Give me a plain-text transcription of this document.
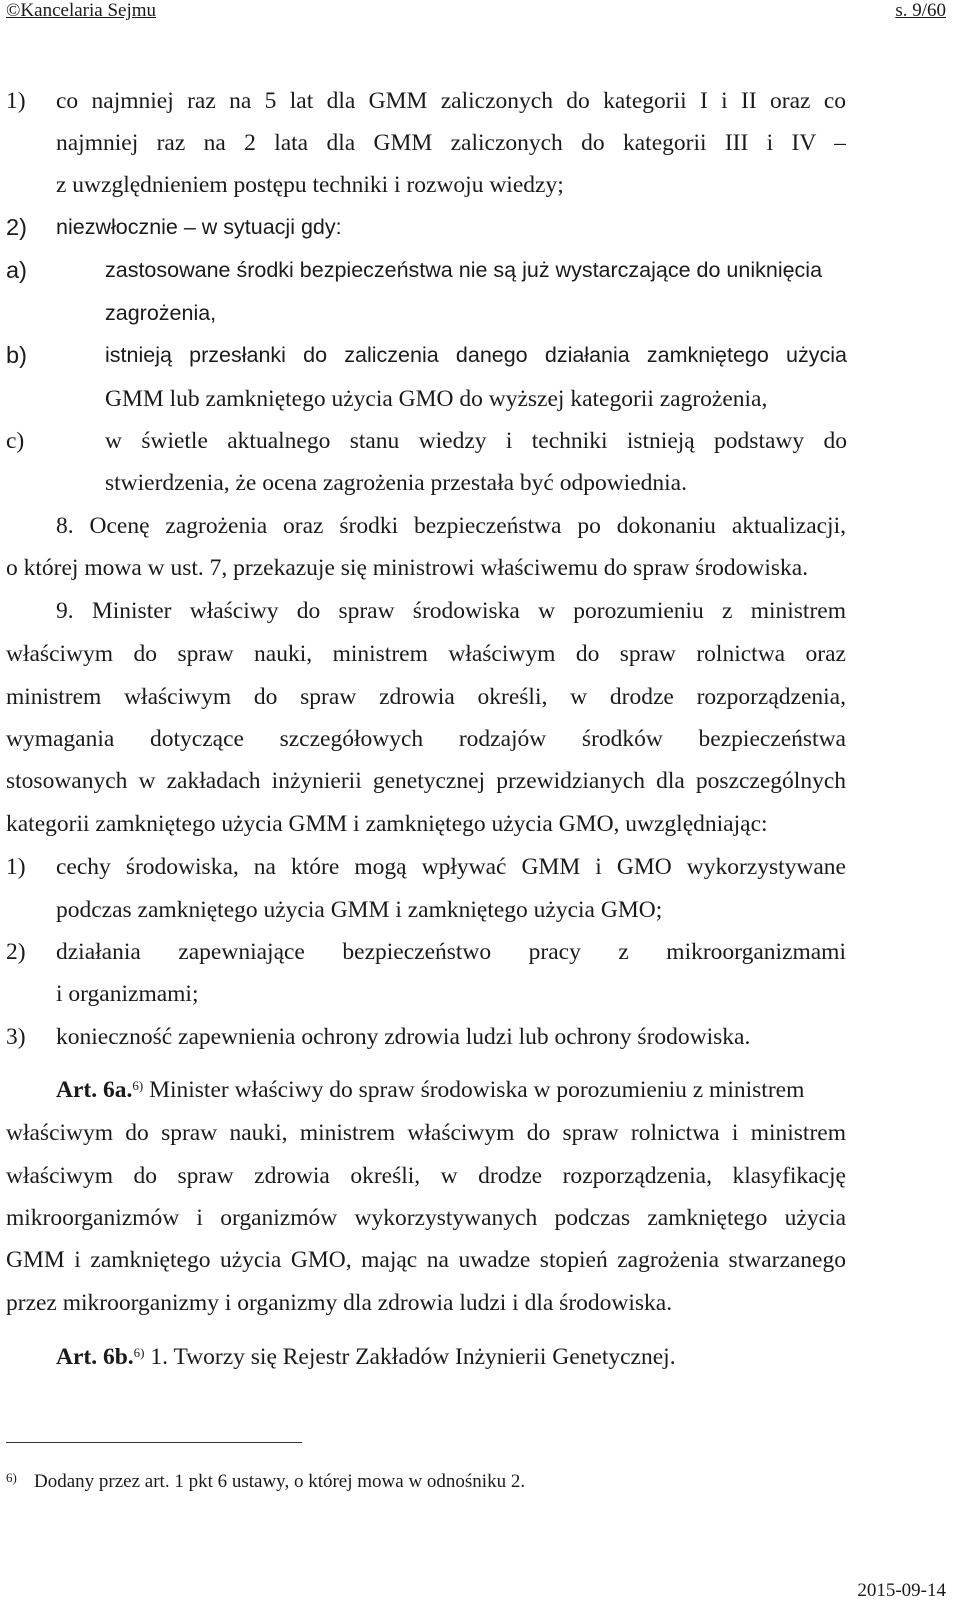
©Kancelaria Sejmu	s. 9/60
1) co najmniej raz na 5 lat dla GMM zaliczonych do kategorii I i II oraz co
najmniej raz na 2 lata dla GMM zaliczonych do kategorii III i IV –
z uwzględnieniem postępu techniki i rozwoju wiedzy;
2) niezwłocznie – w sytuacji gdy:
a)	zastosowane środki bezpieczeństwa nie są już wystarczające do uniknięcia
zagrożenia,
b)	istnieją przesłanki do zaliczenia danego działania zamkniętego użycia
GMM lub zamkniętego użycia GMO do wyższej kategorii zagrożenia,
c)	w świetle aktualnego stanu wiedzy i techniki istnieją podstawy do
stwierdzenia, że ocena zagrożenia przestała być odpowiednia.
8. Ocenę zagrożenia oraz środki bezpieczeństwa po dokonaniu aktualizacji,
o której mowa w ust. 7, przekazuje się ministrowi właściwemu do spraw środowiska.
9. Minister właściwy do spraw środowiska w porozumieniu z ministrem
właściwym do spraw nauki, ministrem właściwym do spraw rolnictwa oraz
ministrem właściwym do spraw zdrowia określi, w drodze rozporządzenia,
wymagania dotyczące szczegółowych rodzajów środków bezpieczeństwa
stosowanych w zakładach inżynierii genetycznej przewidzianych dla poszczególnych
kategorii zamkniętego użycia GMM i zamkniętego użycia GMO, uwzględniając:
1) cechy środowiska, na które mogą wpływać GMM i GMO wykorzystywane
podczas zamkniętego użycia GMM i zamkniętego użycia GMO;
2) działania zapewniające bezpieczeństwo pracy z mikroorganizmami
i organizmami;
3) konieczność zapewnienia ochrony zdrowia ludzi lub ochrony środowiska.
Art. 6a.$^{6)}$ Minister właściwy do spraw środowiska w porozumieniu z ministrem
właściwym do spraw nauki, ministrem właściwym do spraw rolnictwa i ministrem
właściwym do spraw zdrowia określi, w drodze rozporządzenia, klasyfikację
mikroorganizmów i organizmów wykorzystywanych podczas zamkniętego użycia
GMM i zamkniętego użycia GMO, mając na uwadze stopień zagrożenia stwarzanego
przez mikroorganizmy i organizmy dla zdrowia ludzi i dla środowiska.
Art. 6b.$^{6)}$ 1. Tworzy się Rejestr Zakładów Inżynierii Genetycznej.
6) Dodany przez art. 1 pkt 6 ustawy, o której mowa w odnośniku 2.
2015-09-14
